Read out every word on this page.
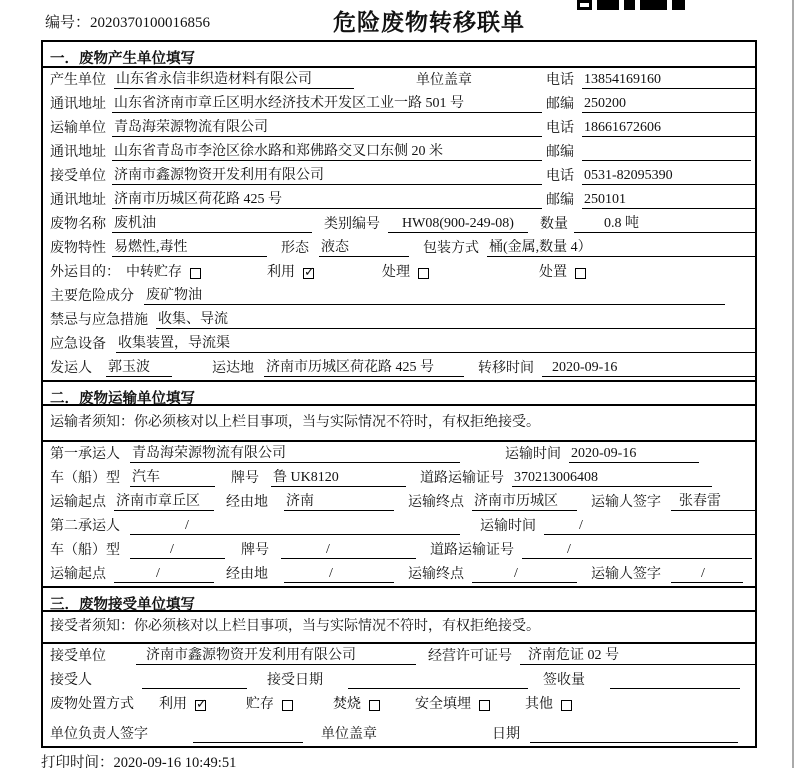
编号：2020370100016856	危险废物转移联单
一．废物产生单位填写
产生单位 山东省永信非织造材料有限公司	单位盖章	电话 13854169160
通讯地址 山东省济南市章丘区明水经济技术开发区工业一路 501 号	邮编 250200
运输单位 青岛海荣源物流有限公司	电话 18661672606
通讯地址 山东省青岛市李沧区徐水路和郑佛路交叉口东侧 20 米	邮编
接受单位 济南市鑫源物资开发利用有限公司	电话 0531-82095390
通讯地址 济南市历城区荷花路 425 号	邮编 250101
废物名称 废机油	类别编号	HW08(900-249-08)	数量	0.8 吨
废物特性 易燃性,毒性	形态 液态	包装方式 桶(金属,数量 4）
外运目的： 中转贮存	利用 ✓	处理	处置
主要危险成分 废矿物油
禁忌与应急措施 收集、导流
应急设备 收集装置，导流渠
发运人 郭玉波	运达地 济南市历城区荷花路 425 号	转移时间	2020-09-16
二．废物运输单位填写
运输者须知：你必须核对以上栏目事项，当与实际情况不符时，有权拒绝接受。
第一承运人 青岛海荣源物流有限公司	运输时间 2020-09-16
车（船）型 汽车	牌号 鲁 UK8120	道路运输证号 370213006408
运输起点 济南市章丘区	经由地 济南	运输终点 济南市历城区	运输人签字	张春雷
第二承运人	/	运输时间	/
车（船）型	/	牌号	/	道路运输证号	/
运输起点	/	经由地	/	运输终点	/	运输人签字	/
三．废物接受单位填写
接受者须知：你必须核对以上栏目事项，当与实际情况不符时，有权拒绝接受。
接受单位	济南市鑫源物资开发利用有限公司	经营许可证号	济南危证 02 号
接受人	接受日期	签收量
废物处置方式 利用 ✓	贮存	焚烧	安全填埋	其他
单位负责人签字	单位盖章	日期
打印时间：2020-09-16 10:49:51
